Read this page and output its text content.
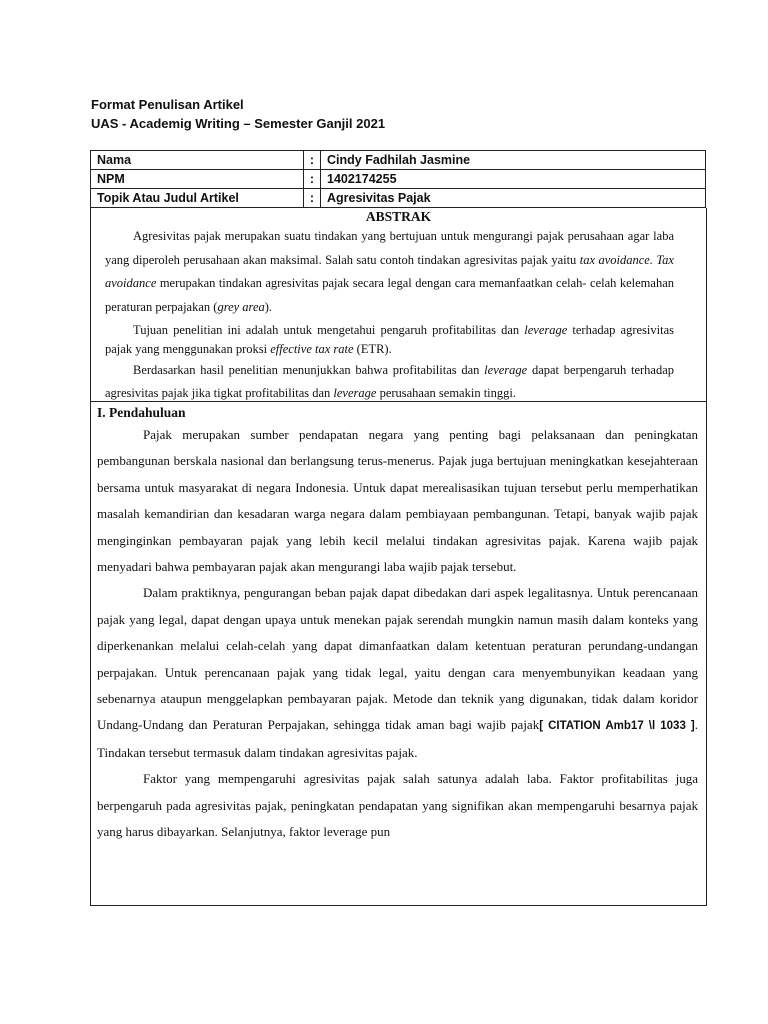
Format Penulisan Artikel
UAS - Academig Writing – Semester Ganjil 2021
Nama	:	Cindy Fadhilah Jasmine
NPM	:	1402174255
Topik Atau Judul Artikel	:	Agresivitas Pajak
ABSTRAK

Agresivitas pajak merupakan suatu tindakan yang bertujuan untuk mengurangi pajak perusahaan agar laba yang diperoleh perusahaan akan maksimal. Salah satu contoh tindakan agresivitas pajak yaitu tax avoidance. Tax avoidance merupakan tindakan agresivitas pajak secara legal dengan cara memanfaatkan celah- celah kelemahan peraturan perpajakan (grey area).

Tujuan penelitian ini adalah untuk mengetahui pengaruh profitabilitas dan leverage terhadap agresivitas pajak yang menggunakan proksi effective tax rate (ETR).

Berdasarkan hasil penelitian menunjukkan bahwa profitabilitas dan leverage dapat berpengaruh terhadap agresivitas pajak jika tigkat profitabilitas dan leverage perusahaan semakin tinggi.

I. Pendahuluan

Pajak merupakan sumber pendapatan negara yang penting bagi pelaksanaan dan peningkatan pembangunan berskala nasional dan berlangsung terus-menerus. Pajak juga bertujuan meningkatkan kesejahteraan bersama untuk masyarakat di negara Indonesia. Untuk dapat merealisasikan tujuan tersebut perlu memperhatikan masalah kemandirian dan kesadaran warga negara dalam pembiayaan pembangunan. Tetapi, banyak wajib pajak menginginkan pembayaran pajak yang lebih kecil melalui tindakan agresivitas pajak. Karena wajib pajak menyadari bahwa pembayaran pajak akan mengurangi laba wajib pajak tersebut.

Dalam praktiknya, pengurangan beban pajak dapat dibedakan dari aspek legalitasnya. Untuk perencanaan pajak yang legal, dapat dengan upaya untuk menekan pajak serendah mungkin namun masih dalam konteks yang diperkenankan melalui celah-celah yang dapat dimanfaatkan dalam ketentuan peraturan perundang-undangan perpajakan. Untuk perencanaan pajak yang tidak legal, yaitu dengan cara menyembunyikan keadaan yang sebenarnya ataupun menggelapkan pembayaran pajak. Metode dan teknik yang digunakan, tidak dalam koridor Undang-Undang dan Peraturan Perpajakan, sehingga tidak aman bagi wajib pajak[ CITATION Amb17 \l 1033 ]. Tindakan tersebut termasuk dalam tindakan agresivitas pajak.

Faktor yang mempengaruhi agresivitas pajak salah satunya adalah laba. Faktor profitabilitas juga berpengaruh pada agresivitas pajak, peningkatan pendapatan yang signifikan akan mempengaruhi besarnya pajak yang harus dibayarkan. Selanjutnya, faktor leverage pun
